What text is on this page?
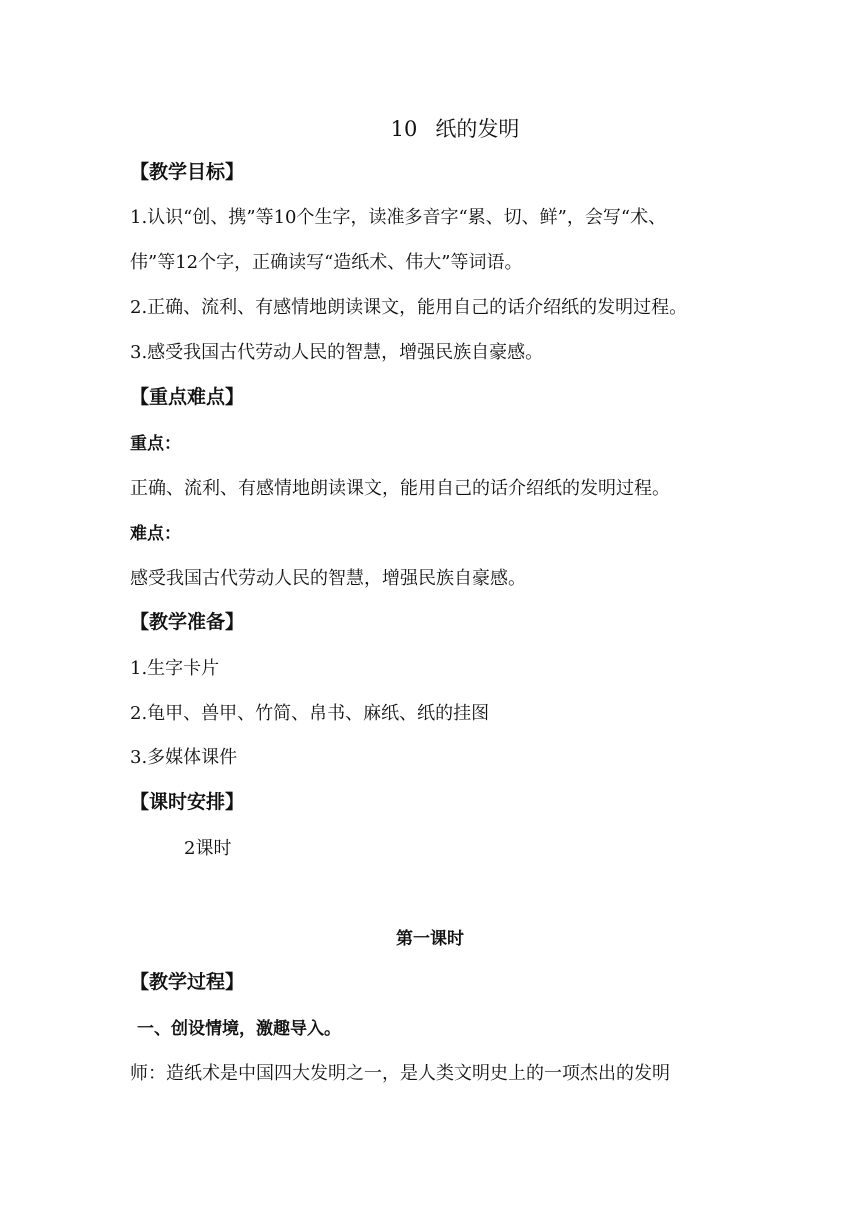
10 纸的发明
【教学目标】
1.认识“创、携”等10个生字，读准多音字“累、切、鲜”，会写“术、
伟”等12个字，正确读写“造纸术、伟大”等词语。
2.正确、流利、有感情地朗读课文，能用自己的话介绍纸的发明过程。
3.感受我国古代劳动人民的智慧，增强民族自豪感。
【重点难点】
重点：
正确、流利、有感情地朗读课文，能用自己的话介绍纸的发明过程。
难点：
感受我国古代劳动人民的智慧，增强民族自豪感。
【教学准备】
1.生字卡片
2.龟甲、兽甲、竹简、帛书、麻纸、纸的挂图
3.多媒体课件
【课时安排】
2课时
第一课时
【教学过程】
一、创设情境，激趣导入。
师：造纸术是中国四大发明之一，是人类文明史上的一项杰出的发明
